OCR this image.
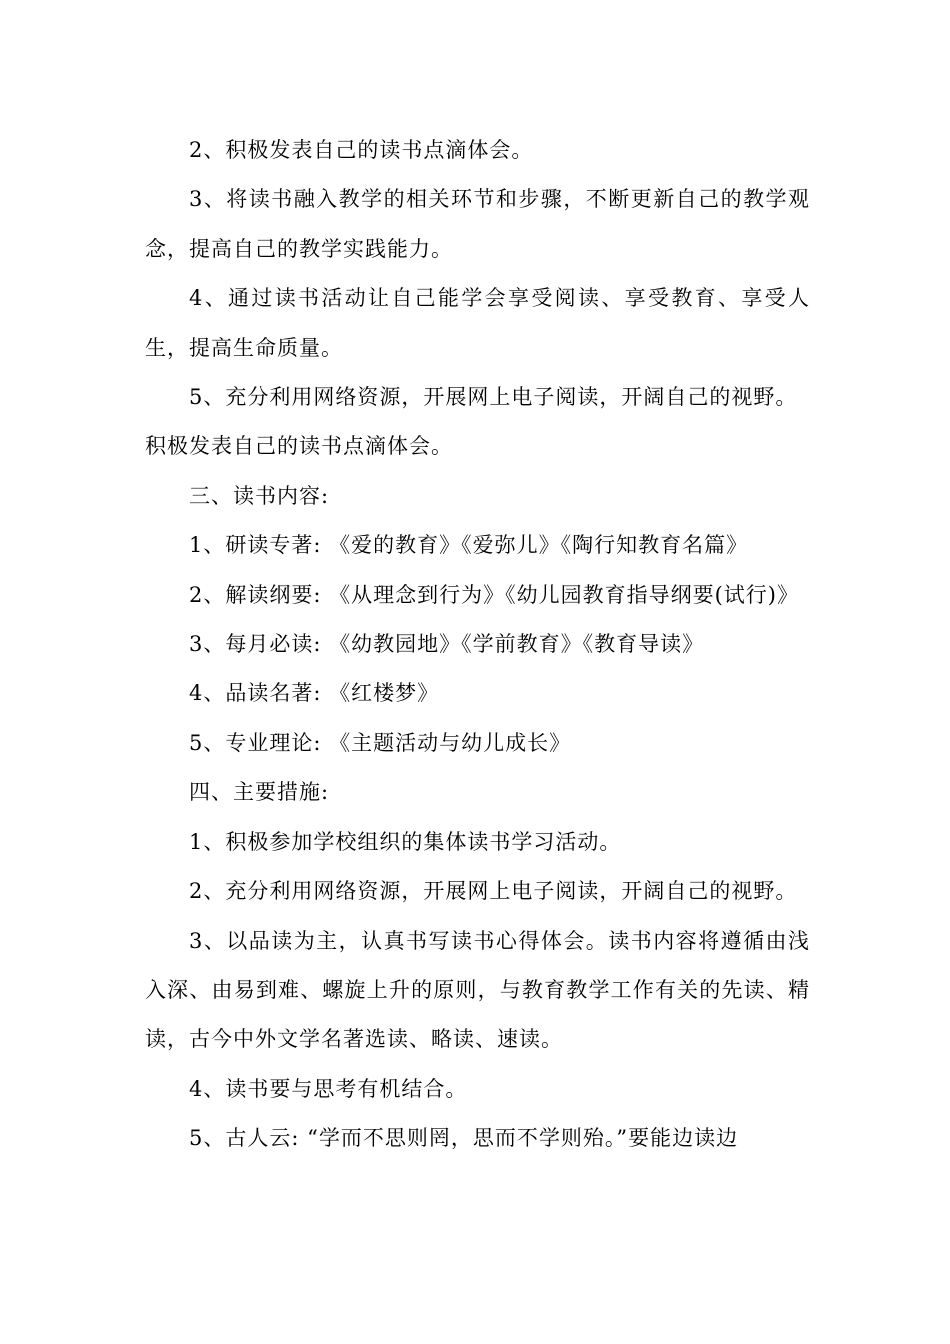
2、积极发表自己的读书点滴体会。

3、将读书融入教学的相关环节和步骤，不断更新自己的教学观念，提高自己的教学实践能力。

4、通过读书活动让自己能学会享受阅读、享受教育、享受人生，提高生命质量。

5、充分利用网络资源，开展网上电子阅读，开阔自己的视野。

积极发表自己的读书点滴体会。

三、读书内容:

1、研读专著: 《爱的教育》《爱弥儿》《陶行知教育名篇》

2、解读纲要: 《从理念到行为》《幼儿园教育指导纲要(试行)》

3、每月必读: 《幼教园地》《学前教育》《教育导读》

4、品读名著: 《红楼梦》

5、专业理论: 《主题活动与幼儿成长》

四、主要措施:

1、积极参加学校组织的集体读书学习活动。

2、充分利用网络资源，开展网上电子阅读，开阔自己的视野。

3、以品读为主，认真书写读书心得体会。读书内容将遵循由浅入深、由易到难、螺旋上升的原则，与教育教学工作有关的先读、精读，古今中外文学名著选读、略读、速读。

4、读书要与思考有机结合。

5、古人云: “学而不思则罔，思而不学则殆。”要能边读边
